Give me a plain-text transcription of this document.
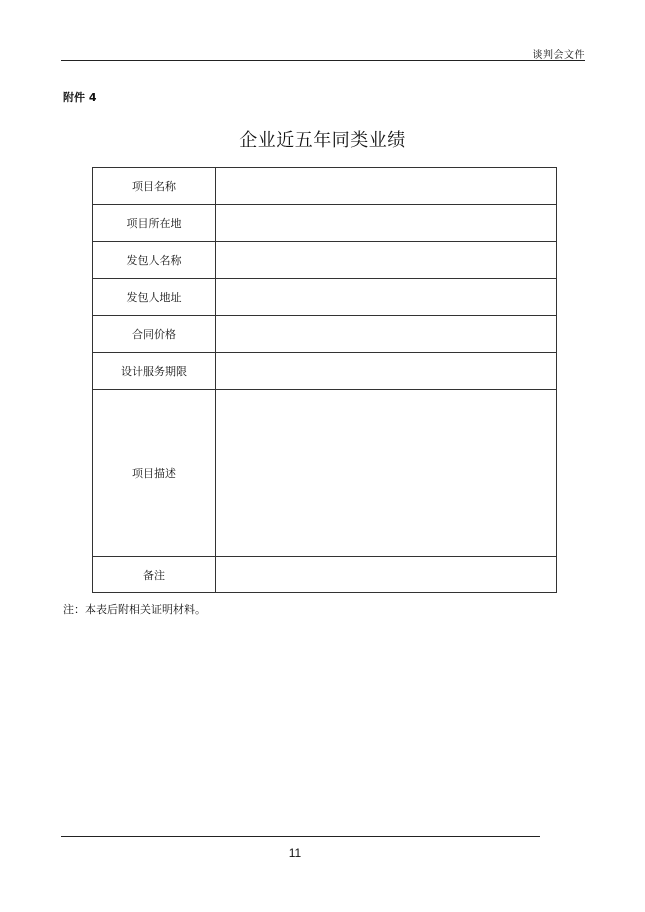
谈判会文件
附件 4
企业近五年同类业绩
项目名称	
项目所在地	
发包人名称	
发包人地址	
合同价格	
设计服务期限	
项目描述	
备注	
注：本表后附相关证明材料。
11
